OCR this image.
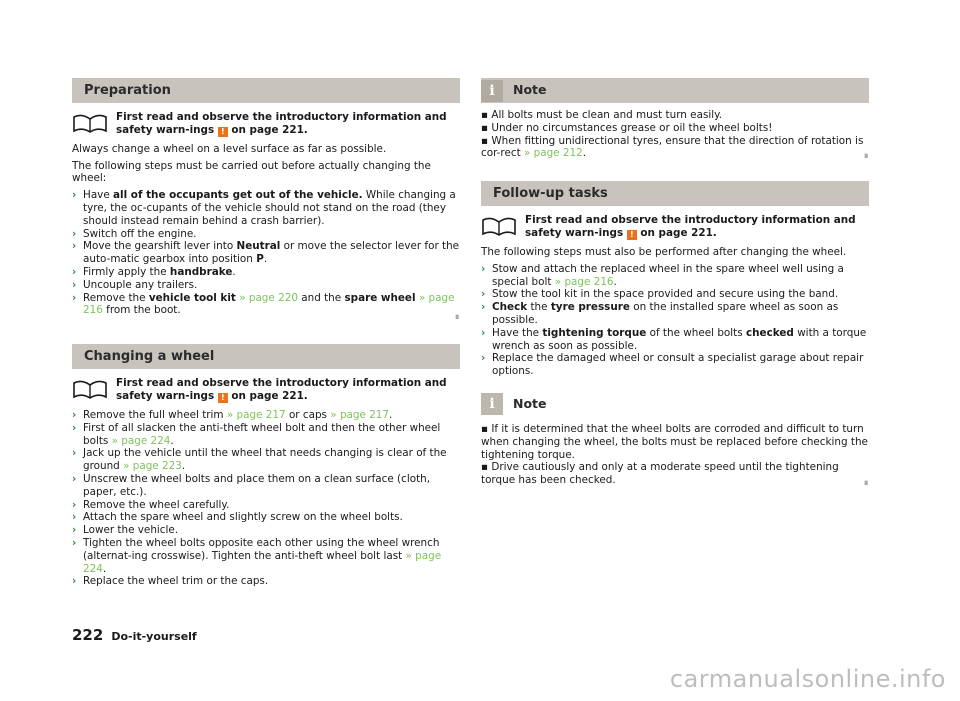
Preparation
First read and observe the introductory information and safety warn-ings ! on page 221.

Always change a wheel on a level surface as far as possible.

The following steps must be carried out before actually changing the wheel:

› Have all of the occupants get out of the vehicle. While changing a tyre, the oc-cupants of the vehicle should not stand on the road (they should instead remain behind a crash barrier).
› Switch off the engine.
› Move the gearshift lever into Neutral or move the selector lever for the auto-matic gearbox into position P.
› Firmly apply the handbrake.
› Uncouple any trailers.
› Remove the vehicle tool kit » page 220 and the spare wheel » page 216 from the boot.
∎
Changing a wheel
First read and observe the introductory information and safety warn-ings ! on page 221.
› Remove the full wheel trim » page 217 or caps » page 217.
› First of all slacken the anti-theft wheel bolt and then the other wheel bolts » page 224.
› Jack up the vehicle until the wheel that needs changing is clear of the ground » page 223.
› Unscrew the wheel bolts and place them on a clean surface (cloth, paper, etc.).
› Remove the wheel carefully.
› Attach the spare wheel and slightly screw on the wheel bolts.
› Lower the vehicle.
› Tighten the wheel bolts opposite each other using the wheel wrench (alternat-ing crosswise). Tighten the anti-theft wheel bolt last » page 224.
› Replace the wheel trim or the caps.
i	Note
▪ All bolts must be clean and must turn easily.
▪ Under no circumstances grease or oil the wheel bolts!
▪ When fitting unidirectional tyres, ensure that the direction of rotation is cor-rect » page 212.	∎
Follow-up tasks
First read and observe the introductory information and safety warn-ings ! on page 221.

The following steps must also be performed after changing the wheel.

› Stow and attach the replaced wheel in the spare wheel well using a special bolt » page 216.
› Stow the tool kit in the space provided and secure using the band.
› Check the tyre pressure on the installed spare wheel as soon as possible.
› Have the tightening torque of the wheel bolts checked with a torque wrench as soon as possible.
› Replace the damaged wheel or consult a specialist garage about repair options.
i	Note
▪ If it is determined that the wheel bolts are corroded and difficult to turn when changing the wheel, the bolts must be replaced before checking the tightening torque.
▪ Drive cautiously and only at a moderate speed until the tightening torque has been checked.	∎
222 Do-it-yourself
carmanualsonline.info
